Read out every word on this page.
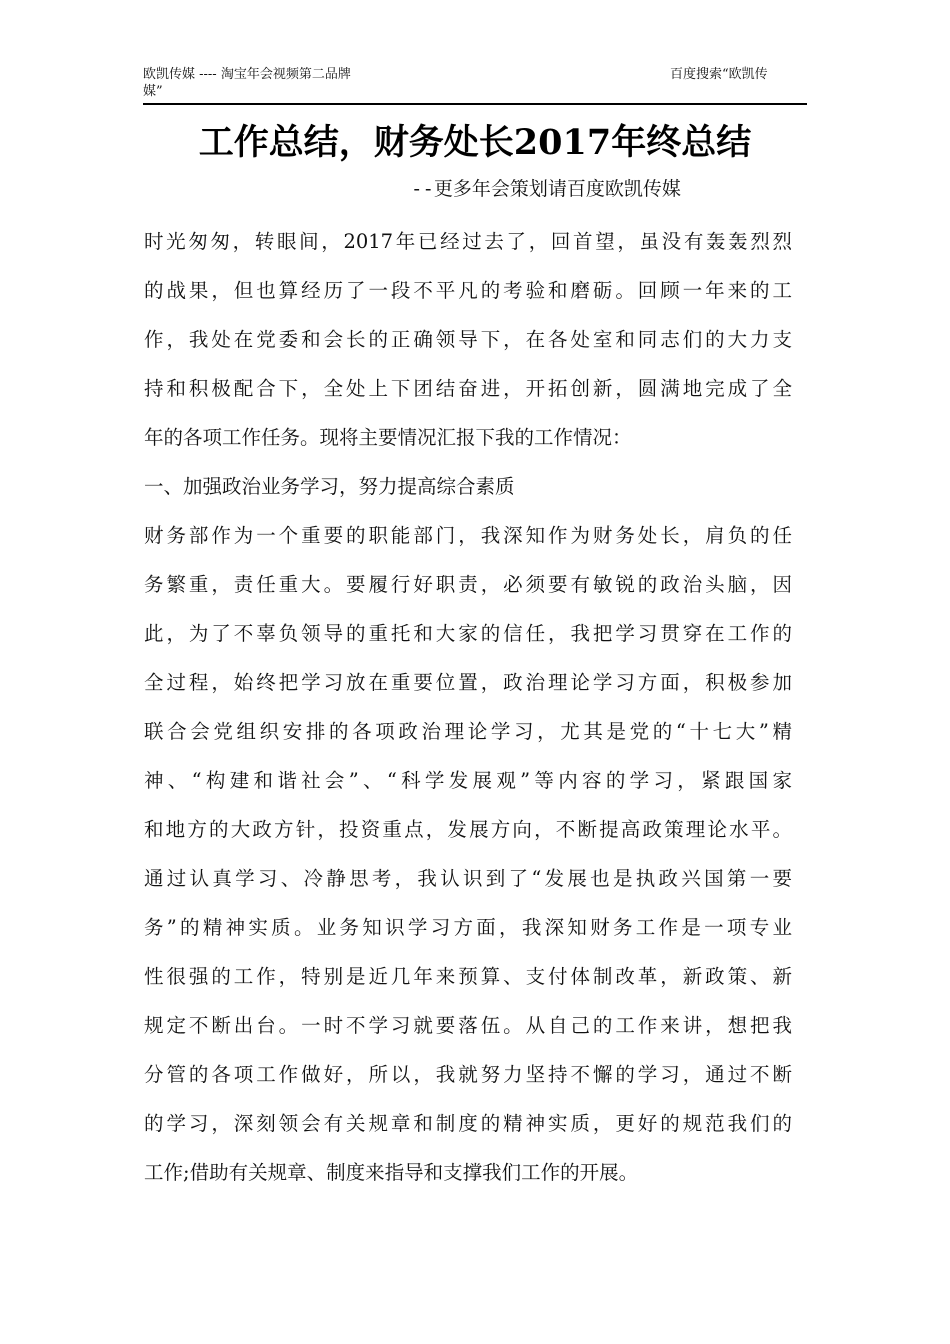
欧凯传媒 ---- 淘宝年会视频第二品牌
媒”
百度搜索“欧凯传
工作总结，财务处长2017年终总结
--更多年会策划请百度欧凯传媒
时光匆匆，转眼间，2017年已经过去了，回首望，虽没有轰轰烈烈
的战果，但也算经历了一段不平凡的考验和磨砺。回顾一年来的工
作，我处在党委和会长的正确领导下，在各处室和同志们的大力支
持和积极配合下，全处上下团结奋进，开拓创新，圆满地完成了全
年的各项工作任务。现将主要情况汇报下我的工作情况：
一、加强政治业务学习，努力提高综合素质
财务部作为一个重要的职能部门，我深知作为财务处长，肩负的任
务繁重，责任重大。要履行好职责，必须要有敏锐的政治头脑，因
此，为了不辜负领导的重托和大家的信任，我把学习贯穿在工作的
全过程，始终把学习放在重要位置，政治理论学习方面，积极参加
联合会党组织安排的各项政治理论学习，尤其是党的“十七大”精
神、“构建和谐社会”、“科学发展观”等内容的学习，紧跟国家
和地方的大政方针，投资重点，发展方向，不断提高政策理论水平。
通过认真学习、冷静思考，我认识到了“发展也是执政兴国第一要
务”的精神实质。业务知识学习方面，我深知财务工作是一项专业
性很强的工作，特别是近几年来预算、支付体制改革，新政策、新
规定不断出台。一时不学习就要落伍。从自己的工作来讲，想把我
分管的各项工作做好，所以，我就努力坚持不懈的学习，通过不断
的学习，深刻领会有关规章和制度的精神实质，更好的规范我们的
工作;借助有关规章、制度来指导和支撑我们工作的开展。
